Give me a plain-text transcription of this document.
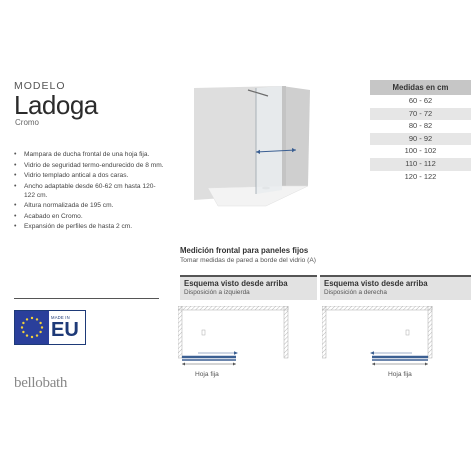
MODELO
Ladoga
Cromo
• Mampara de ducha frontal de una hoja fija.
• Vidrio de seguridad termo-endurecido de 8 mm.
• Vidrio templado antical a dos caras.
• Ancho adaptable desde 60-62 cm hasta 120-122 cm.
• Altura normalizada de 195 cm.
• Acabado en Cromo.
• Expansión de perfiles de hasta 2 cm.
MADE IN
EU
bellobath
Medidas en cm
60 - 62
70 - 72
80 - 82
90 - 92
100 - 102
110 - 112
120 - 122
Medición frontal para paneles fijos
Tomar medidas de pared a borde del vidrio (A)
Esquema visto desde arriba
Disposición a izquierda
Esquema visto desde arriba
Disposición a derecha
Hoja fija	Hoja fija
